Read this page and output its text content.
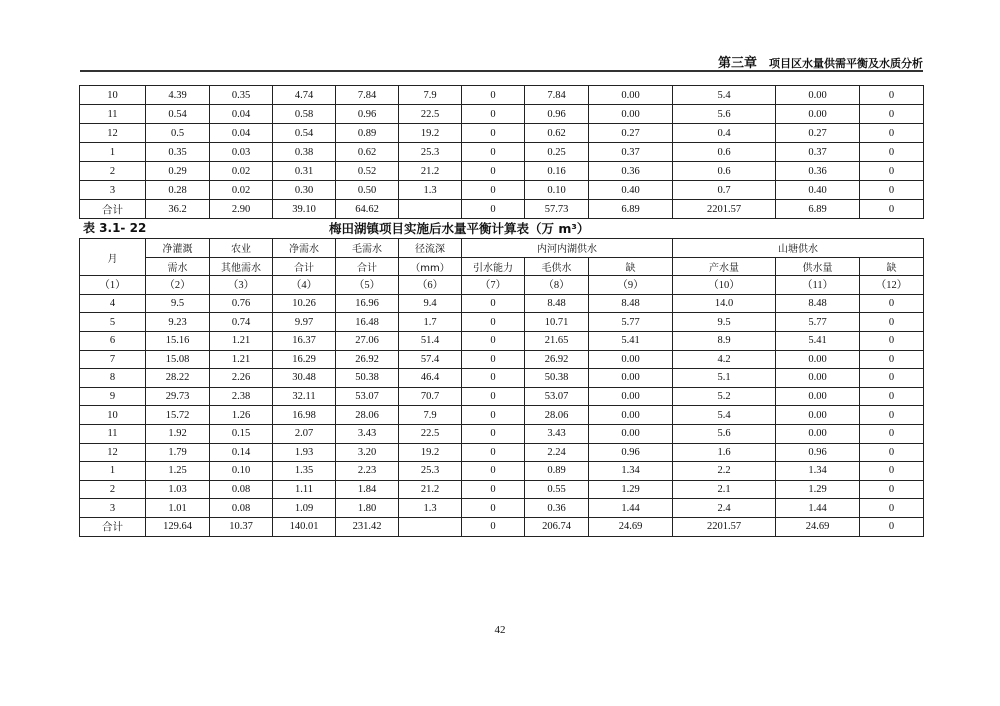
第三章 项目区水量供需平衡及水质分析
10	4.39	0.35	4.74	7.84	7.9	0	7.84	0.00	5.4	0.00	0
11	0.54	0.04	0.58	0.96	22.5	0	0.96	0.00	5.6	0.00	0
12	0.5	0.04	0.54	0.89	19.2	0	0.62	0.27	0.4	0.27	0
1	0.35	0.03	0.38	0.62	25.3	0	0.25	0.37	0.6	0.37	0
2	0.29	0.02	0.31	0.52	21.2	0	0.16	0.36	0.6	0.36	0
3	0.28	0.02	0.30	0.50	1.3	0	0.10	0.40	0.7	0.40	0
合计	36.2	2.90	39.10	64.62		0	57.73	6.89	2201.57	6.89	0
表 3.1- 22	梅田湖镇项目实施后水量平衡计算表（万 m³）
月	净灌溉	农业	净需水	毛需水	径流深	内河内湖供水			山塘供水		
	需水	其他需水	合计	合计	（mm）	引水能力	毛供水	缺	产水量	供水量	缺
（1）	（2）	（3）	（4）	（5）	（6）	（7）	（8）	（9）	（10）	（11）	（12）
4	9.5	0.76	10.26	16.96	9.4	0	8.48	8.48	14.0	8.48	0
5	9.23	0.74	9.97	16.48	1.7	0	10.71	5.77	9.5	5.77	0
6	15.16	1.21	16.37	27.06	51.4	0	21.65	5.41	8.9	5.41	0
7	15.08	1.21	16.29	26.92	57.4	0	26.92	0.00	4.2	0.00	0
8	28.22	2.26	30.48	50.38	46.4	0	50.38	0.00	5.1	0.00	0
9	29.73	2.38	32.11	53.07	70.7	0	53.07	0.00	5.2	0.00	0
10	15.72	1.26	16.98	28.06	7.9	0	28.06	0.00	5.4	0.00	0
11	1.92	0.15	2.07	3.43	22.5	0	3.43	0.00	5.6	0.00	0
12	1.79	0.14	1.93	3.20	19.2	0	2.24	0.96	1.6	0.96	0
1	1.25	0.10	1.35	2.23	25.3	0	0.89	1.34	2.2	1.34	0
2	1.03	0.08	1.11	1.84	21.2	0	0.55	1.29	2.1	1.29	0
3	1.01	0.08	1.09	1.80	1.3	0	0.36	1.44	2.4	1.44	0
合计	129.64	10.37	140.01	231.42		0	206.74	24.69	2201.57	24.69	0
42
